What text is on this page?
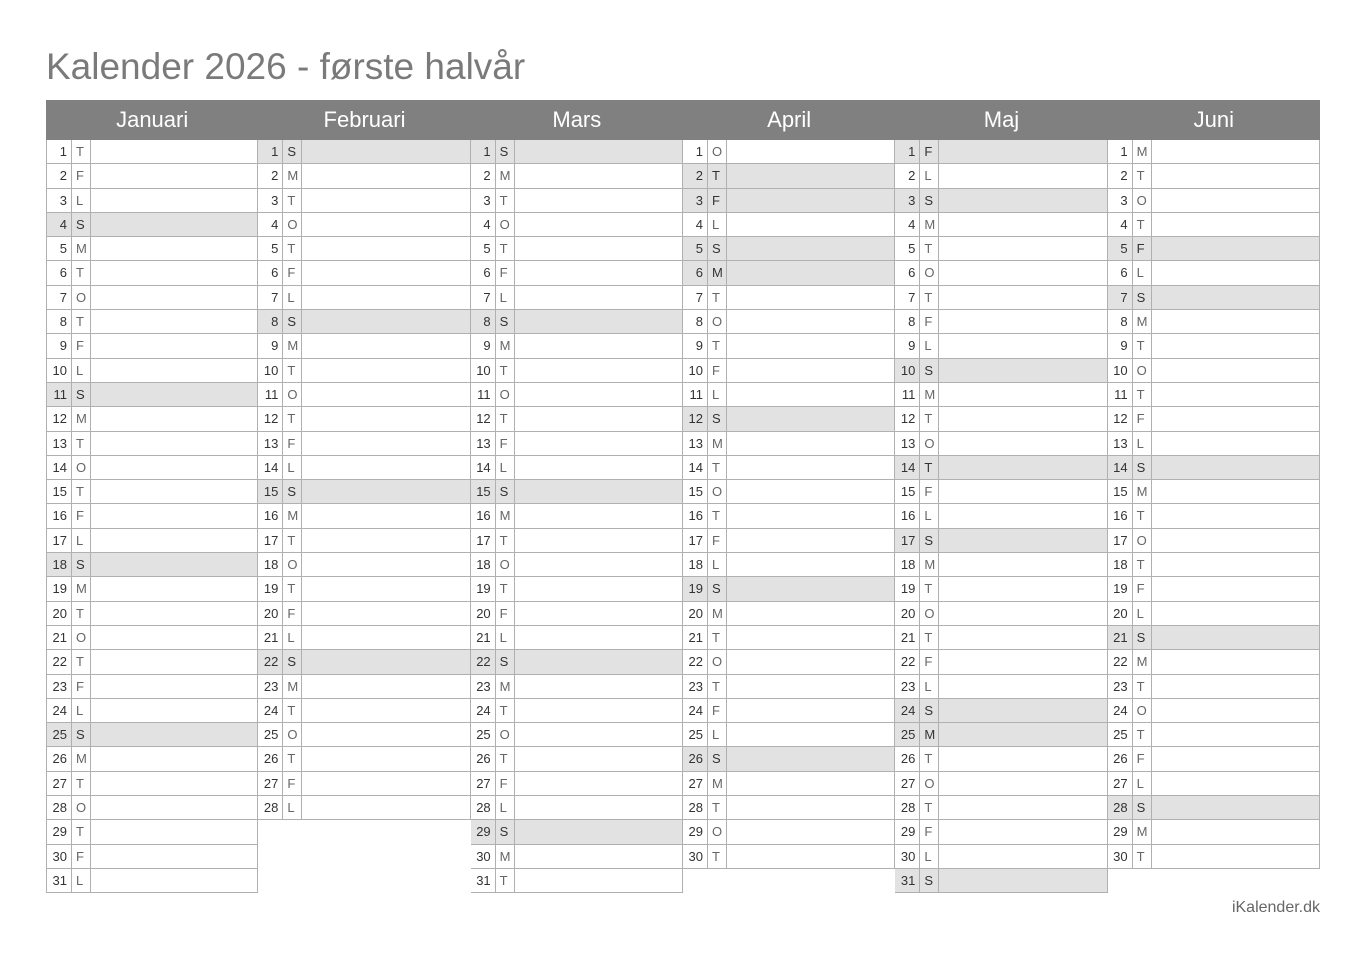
Kalender 2026 - første halvår
Januari
1 T
2 F
3 L
4 S
5 M
6 T
7 O
8 T
9 F
10 L
11 S
12 M
13 T
14 O
15 T
16 F
17 L
18 S
19 M
20 T
21 O
22 T
23 F
24 L
25 S
26 M
27 T
28 O
29 T
30 F
31 L
Februari
1 S
2 M
3 T
4 O
5 T
6 F
7 L
8 S
9 M
10 T
11 O
12 T
13 F
14 L
15 S
16 M
17 T
18 O
19 T
20 F
21 L
22 S
23 M
24 T
25 O
26 T
27 F
28 L
Mars
1 S
2 M
3 T
4 O
5 T
6 F
7 L
8 S
9 M
10 T
11 O
12 T
13 F
14 L
15 S
16 M
17 T
18 O
19 T
20 F
21 L
22 S
23 M
24 T
25 O
26 T
27 F
28 L
29 S
30 M
31 T
April
1 O
2 T
3 F
4 L
5 S
6 M
7 T
8 O
9 T
10 F
11 L
12 S
13 M
14 T
15 O
16 T
17 F
18 L
19 S
20 M
21 T
22 O
23 T
24 F
25 L
26 S
27 M
28 T
29 O
30 T
Maj
1 F
2 L
3 S
4 M
5 T
6 O
7 T
8 F
9 L
10 S
11 M
12 T
13 O
14 T
15 F
16 L
17 S
18 M
19 T
20 O
21 T
22 F
23 L
24 S
25 M
26 T
27 O
28 T
29 F
30 L
31 S
Juni
1 M
2 T
3 O
4 T
5 F
6 L
7 S
8 M
9 T
10 O
11 T
12 F
13 L
14 S
15 M
16 T
17 O
18 T
19 F
20 L
21 S
22 M
23 T
24 O
25 T
26 F
27 L
28 S
29 M
30 T
iKalender.dk
